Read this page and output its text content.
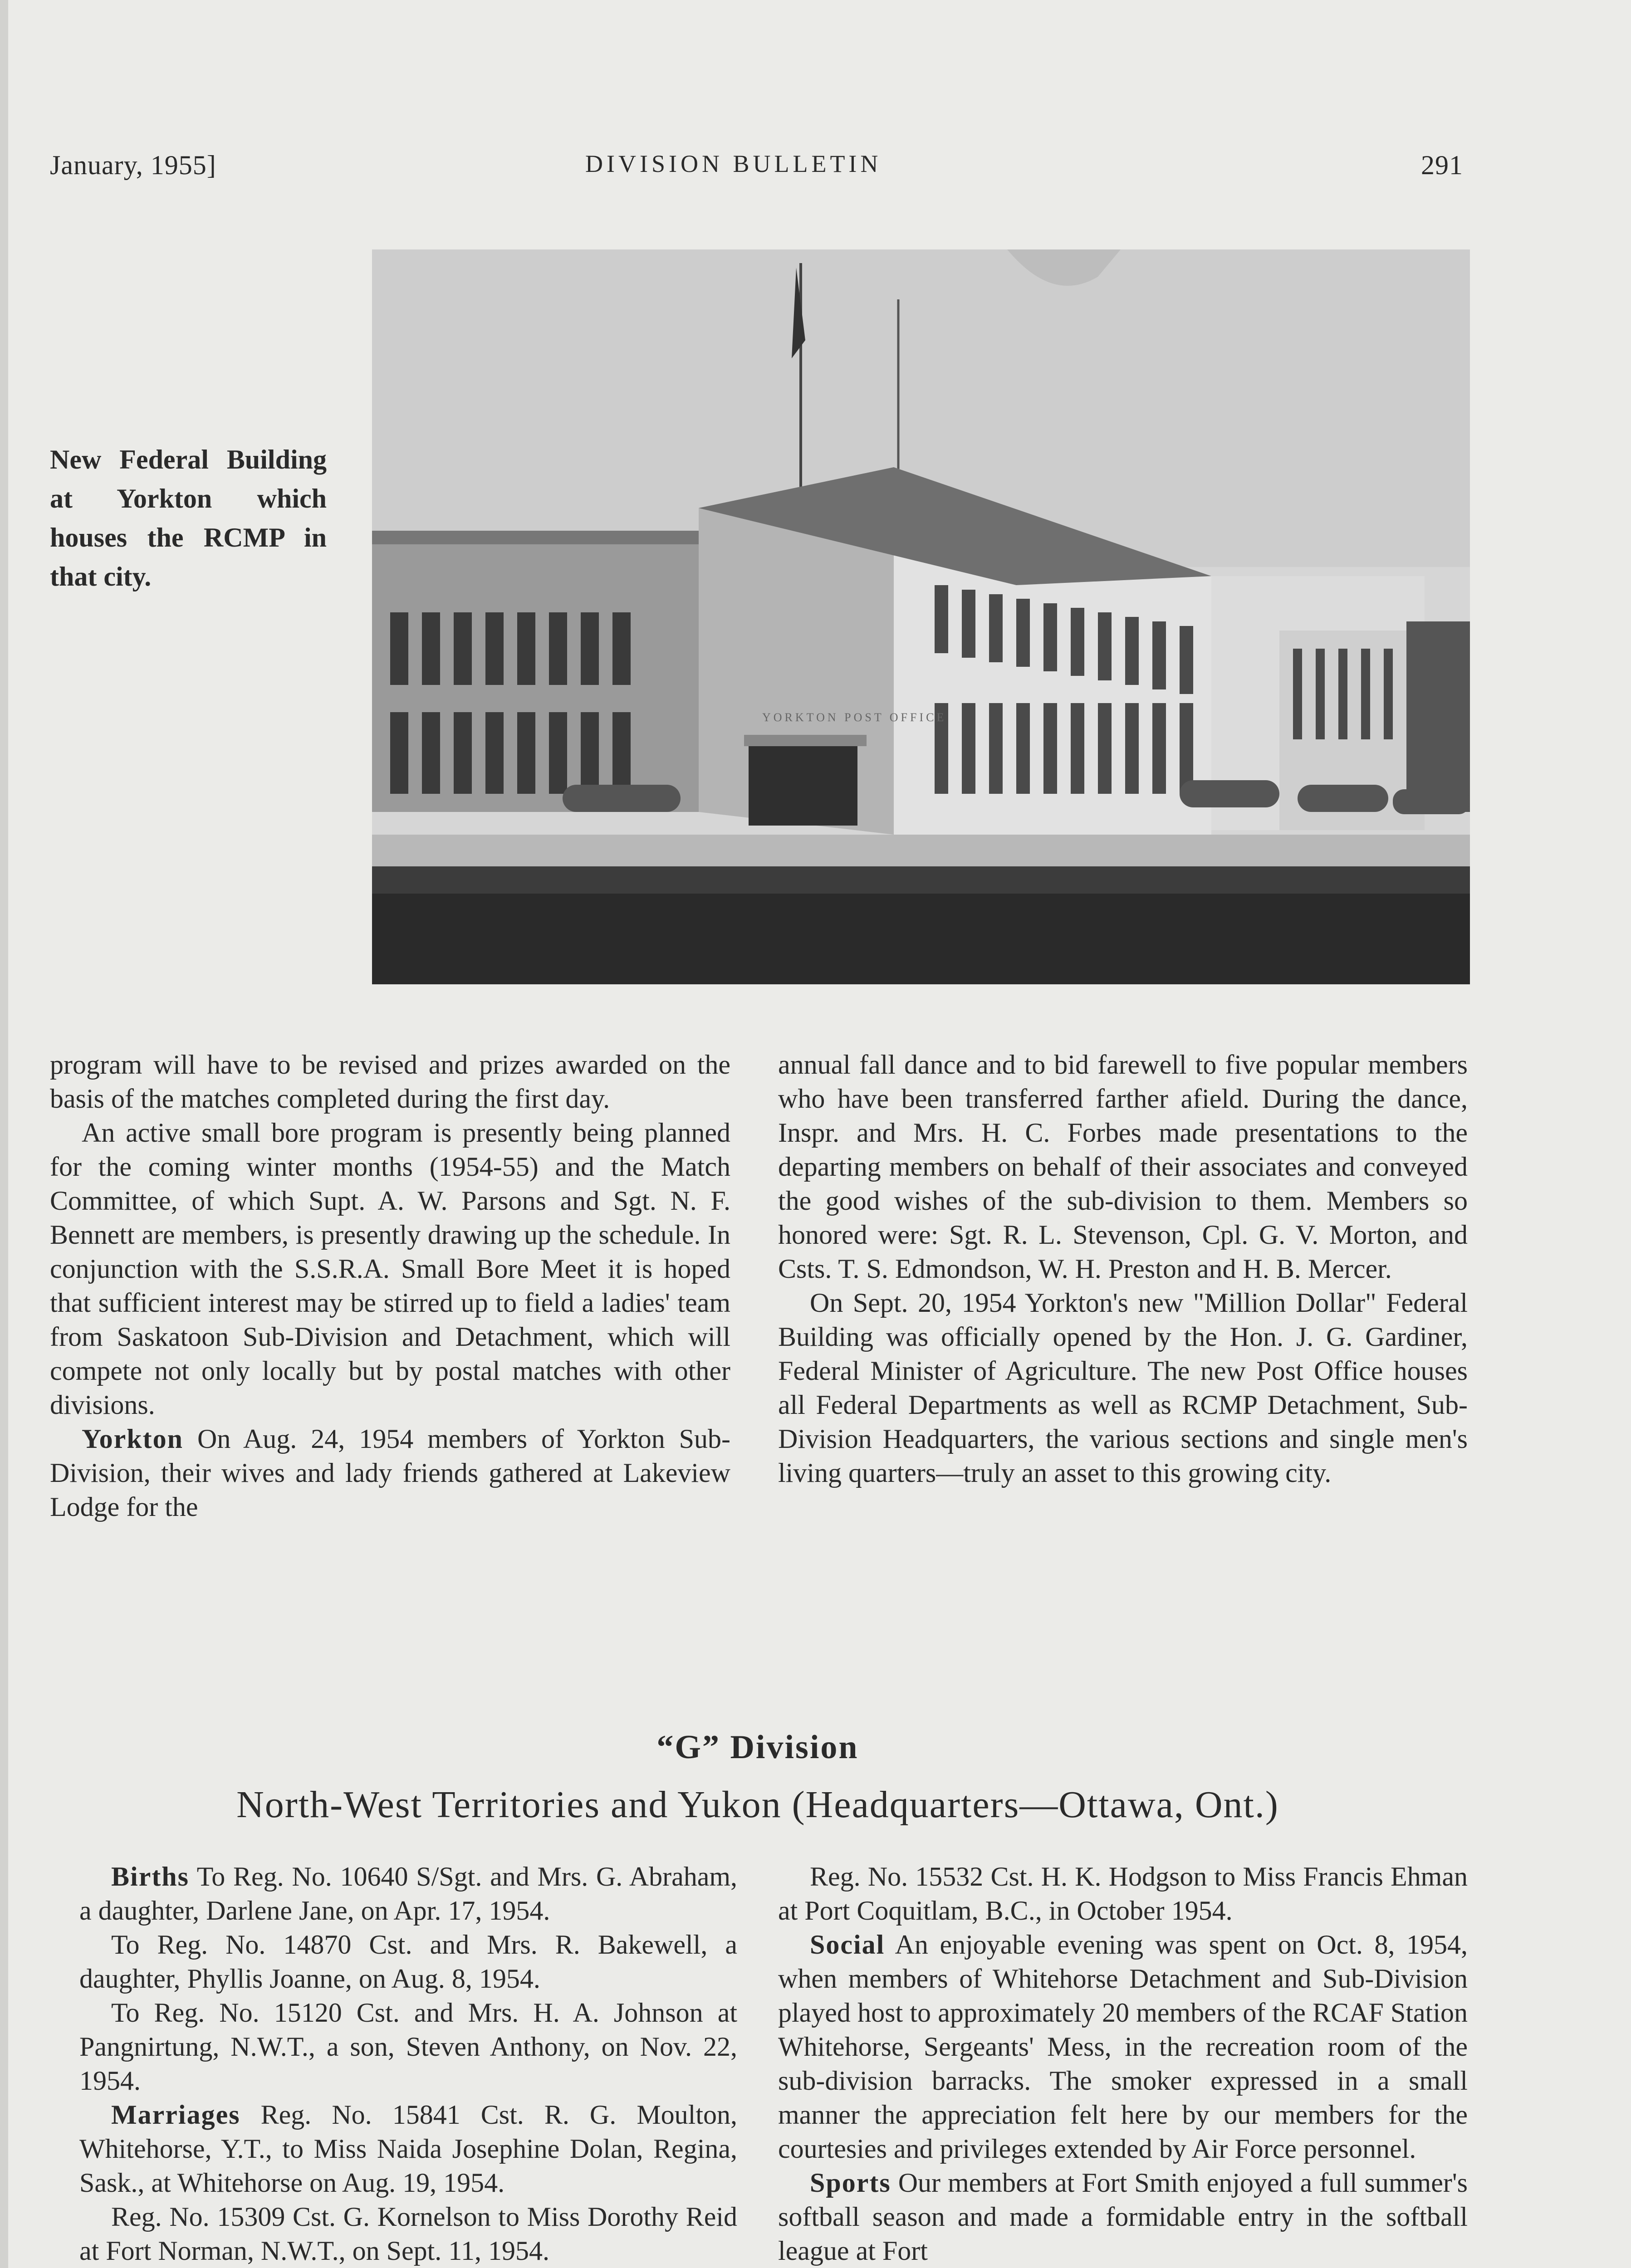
January, 1955]	DIVISION BULLETIN	291
New Federal Building at Yorkton which houses the RCMP in that city.
YORKTON POST OFFICE

program will have to be revised and prizes awarded on the basis of the matches completed during the first day.

An active small bore program is presently being planned for the coming winter months (1954-55) and the Match Committee, of which Supt. A. W. Parsons and Sgt. N. F. Bennett are members, is presently drawing up the schedule. In conjunction with the S.S.R.A. Small Bore Meet it is hoped that sufficient interest may be stirred up to field a ladies' team from Saskatoon Sub-Division and Detachment, which will compete not only locally but by postal matches with other divisions.

Yorkton On Aug. 24, 1954 members of Yorkton Sub-Division, their wives and lady friends gathered at Lakeview Lodge for the

annual fall dance and to bid farewell to five popular members who have been transferred farther afield. During the dance, Inspr. and Mrs. H. C. Forbes made presentations to the departing members on behalf of their associates and conveyed the good wishes of the sub-division to them. Members so honored were: Sgt. R. L. Stevenson, Cpl. G. V. Morton, and Csts. T. S. Edmondson, W. H. Preston and H. B. Mercer.

On Sept. 20, 1954 Yorkton's new "Million Dollar" Federal Building was officially opened by the Hon. J. G. Gardiner, Federal Minister of Agriculture. The new Post Office houses all Federal Departments as well as RCMP Detachment, Sub-Division Headquarters, the various sections and single men's living quarters—truly an asset to this growing city.

“G” Division
North-West Territories and Yukon (Headquarters—Ottawa, Ont.)

Births To Reg. No. 10640 S/Sgt. and Mrs. G. Abraham, a daughter, Darlene Jane, on Apr. 17, 1954.

To Reg. No. 14870 Cst. and Mrs. R. Bakewell, a daughter, Phyllis Joanne, on Aug. 8, 1954.

To Reg. No. 15120 Cst. and Mrs. H. A. Johnson at Pangnirtung, N.W.T., a son, Steven Anthony, on Nov. 22, 1954.

Marriages Reg. No. 15841 Cst. R. G. Moulton, Whitehorse, Y.T., to Miss Naida Josephine Dolan, Regina, Sask., at Whitehorse on Aug. 19, 1954.

Reg. No. 15309 Cst. G. Kornelson to Miss Dorothy Reid at Fort Norman, N.W.T., on Sept. 11, 1954.

Reg. No. 15532 Cst. H. K. Hodgson to Miss Francis Ehman at Port Coquitlam, B.C., in October 1954.

Social An enjoyable evening was spent on Oct. 8, 1954, when members of Whitehorse Detachment and Sub-Division played host to approximately 20 members of the RCAF Station Whitehorse, Sergeants' Mess, in the recreation room of the sub-division barracks. The smoker expressed in a small manner the appreciation felt here by our members for the courtesies and privileges extended by Air Force personnel.

Sports Our members at Fort Smith enjoyed a full summer's softball season and made a formidable entry in the softball league at Fort
